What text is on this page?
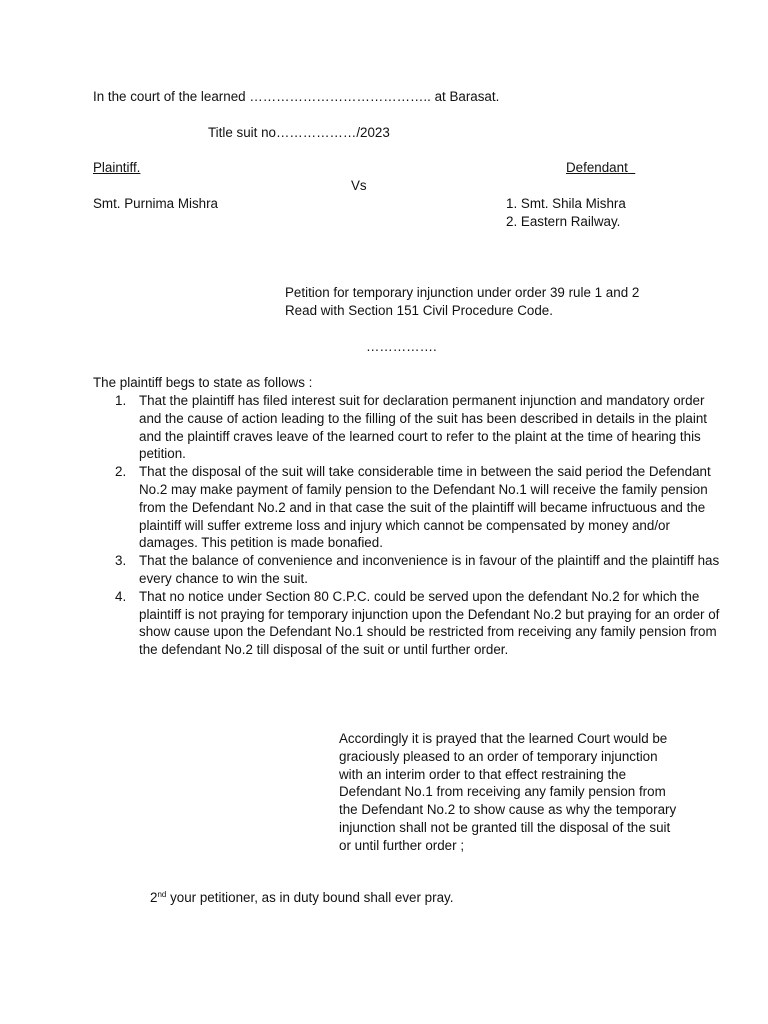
In the court of the learned ………………………………….. at Barasat.

Title suit no………………/2023

Plaintiff.	Defendant

Vs

Smt. Purnima Mishra	1. Smt. Shila Mishra

2. Eastern Railway.

Petition for temporary injunction under order 39 rule 1 and 2

Read with Section 151 Civil Procedure Code.

…………….

The plaintiff begs to state as follows :

1. That the plaintiff has filed interest suit for declaration permanent injunction and mandatory order and the cause of action leading to the filling of the suit has been described in details in the plaint and the plaintiff craves leave of the learned court to refer to the plaint at the time of hearing this petition.
2. That the disposal of the suit will take considerable time in between the said period the Defendant No.2 may make payment of family pension to the Defendant No.1 will receive the family pension from the Defendant No.2 and in that case the suit of the plaintiff will became infructuous and the plaintiff will suffer extreme loss and injury which cannot be compensated by money and/or damages. This petition is made bonafied.
3. That the balance of convenience and inconvenience is in favour of the plaintiff and the plaintiff has every chance to win the suit.
4. That no notice under Section 80 C.P.C. could be served upon the defendant No.2 for which the plaintiff is not praying for temporary injunction upon the Defendant No.2 but praying for an order of show cause upon the Defendant No.1 should be restricted from receiving any family pension from the defendant No.2 till disposal of the suit or until further order.

Accordingly it is prayed that the learned Court would be graciously pleased to an order of temporary injunction with an interim order to that effect restraining the Defendant No.1 from receiving any family pension from the Defendant No.2 to show cause as why the temporary injunction shall not be granted till the disposal of the suit or until further order ;

2nd your petitioner, as in duty bound shall ever pray.
